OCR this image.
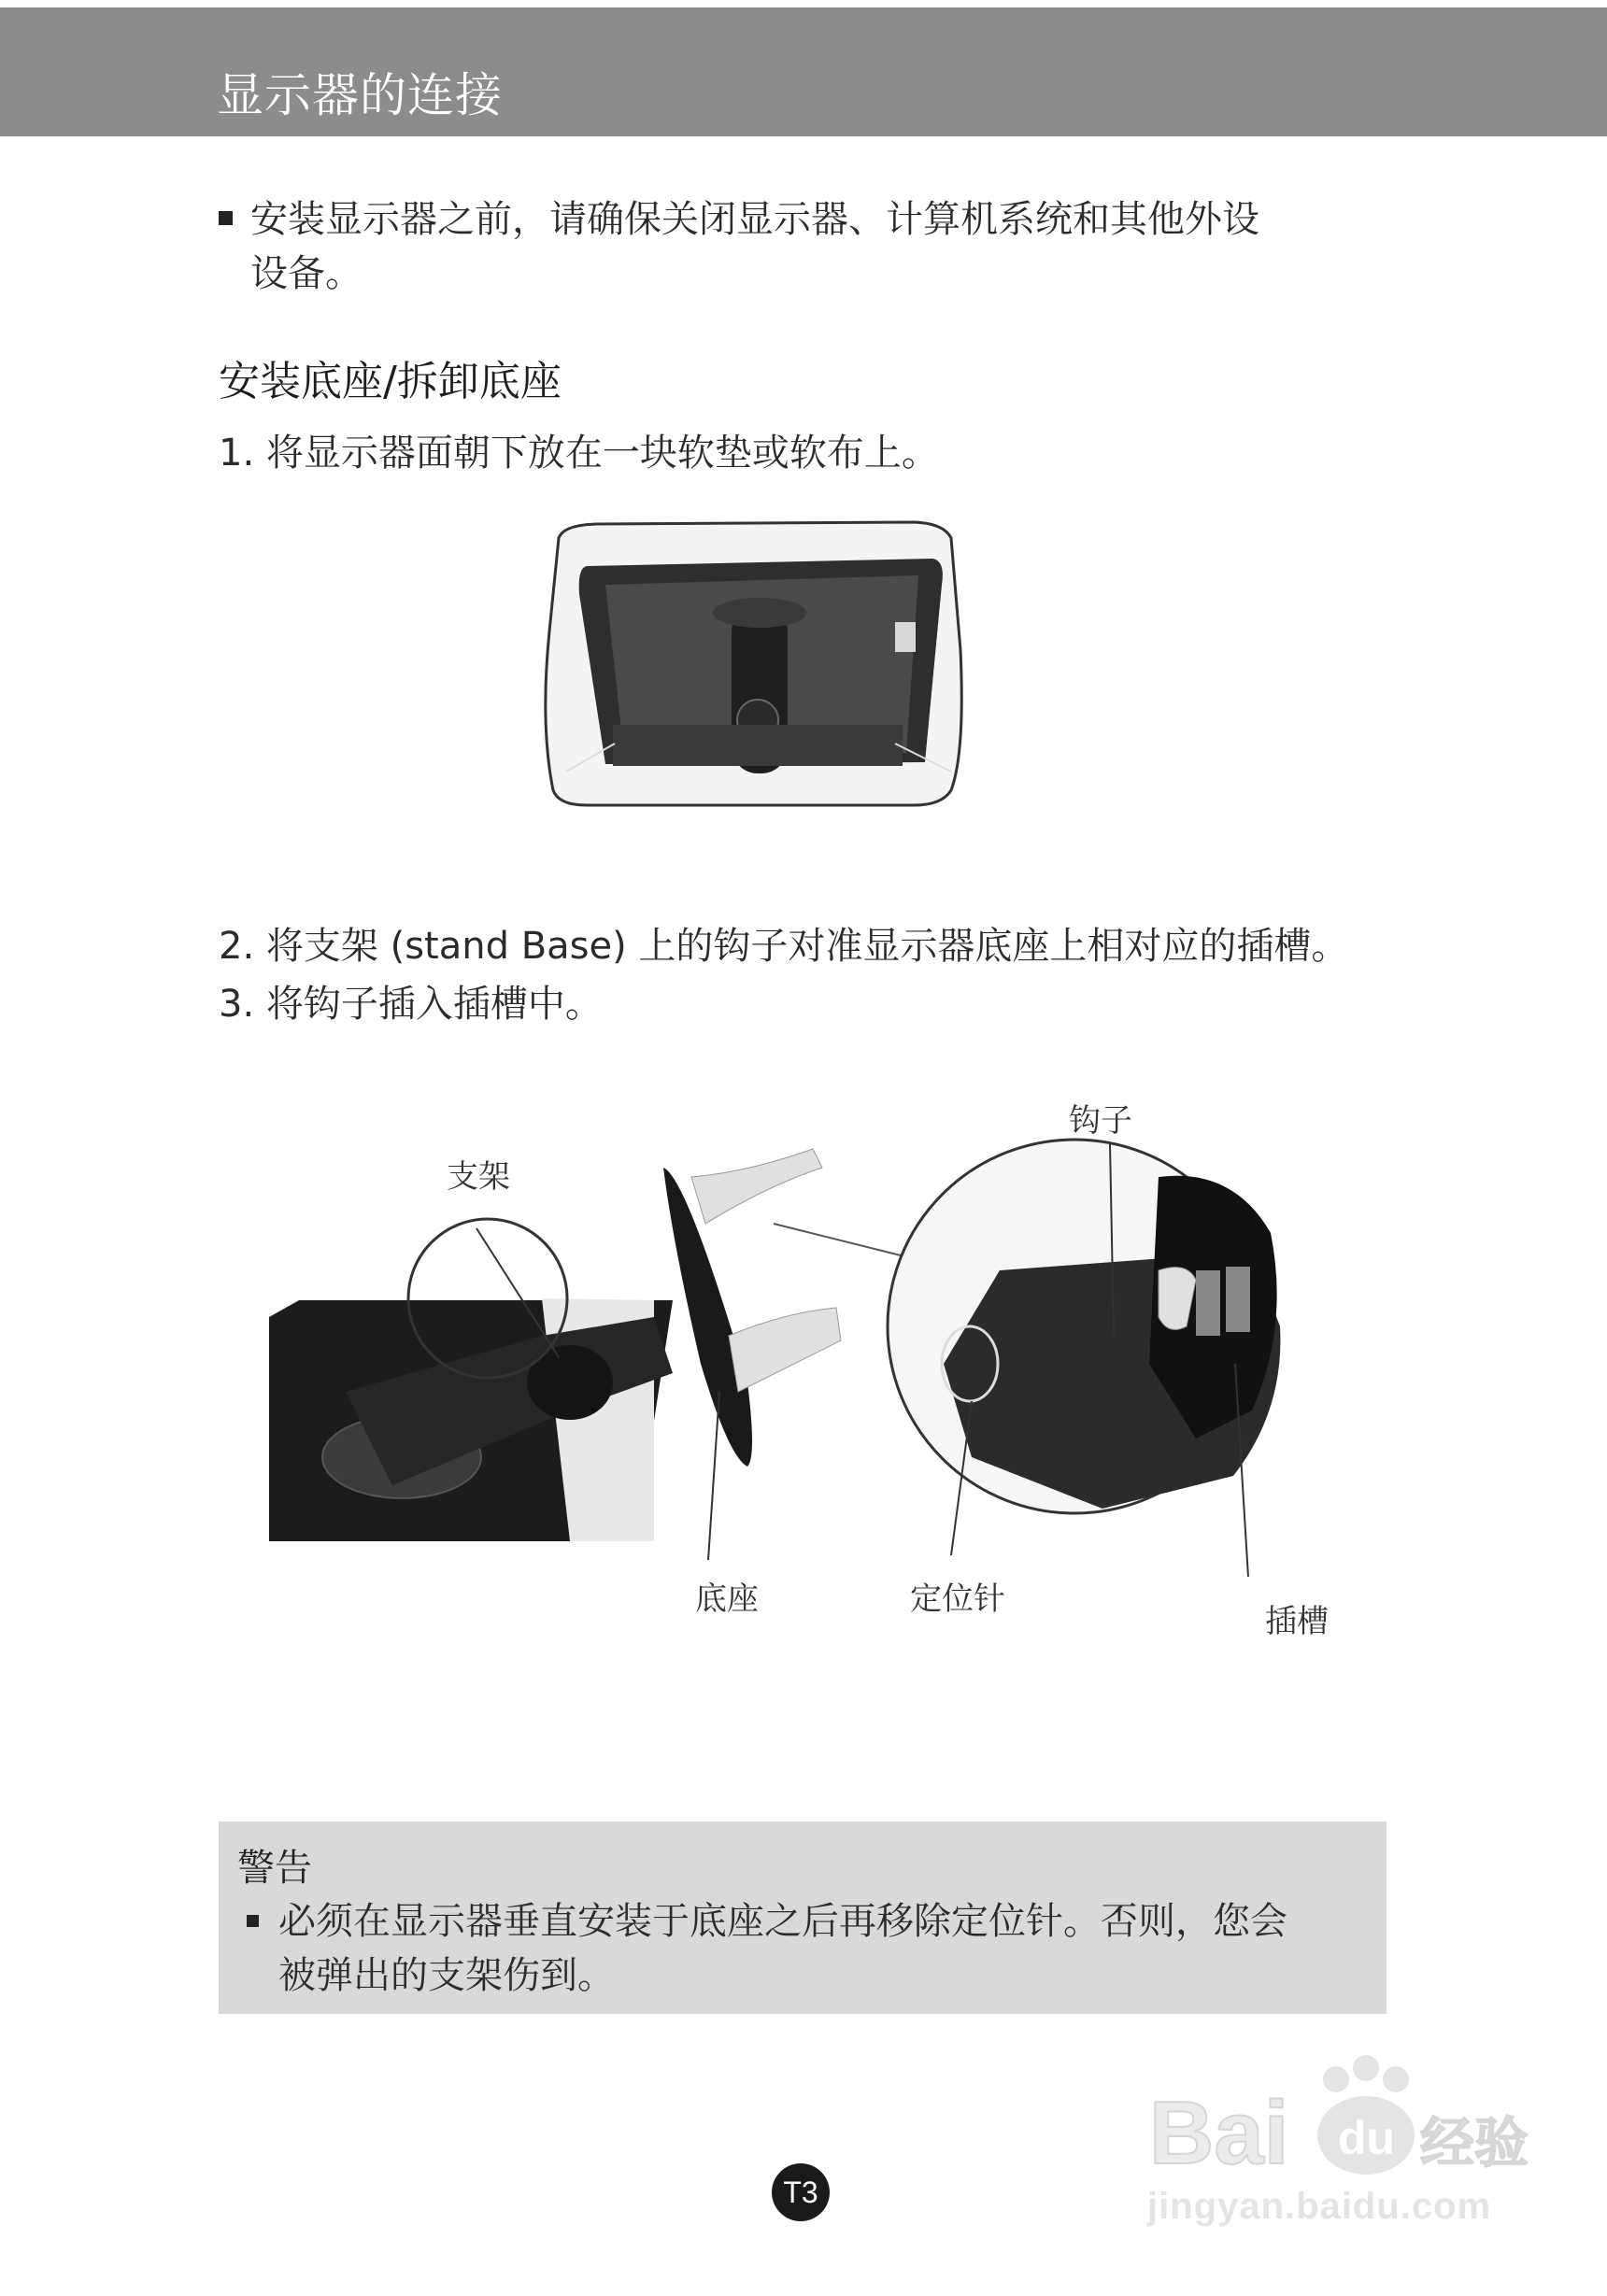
显示器的连接
安装显示器之前，请确保关闭显示器、计算机系统和其他外设
设备。
安装底座/拆卸底座
1. 将显示器面朝下放在一块软垫或软布上。
2. 将支架 (stand Base) 上的钩子对准显示器底座上相对应的插槽。
3. 将钩子插入插槽中。
支架
钩子
底座	定位针
插槽
警告
必须在显示器垂直安装于底座之后再移除定位针。否则，您会
被弹出的支架伤到。
Bai du 经验
jingyan.baidu.com
T3
